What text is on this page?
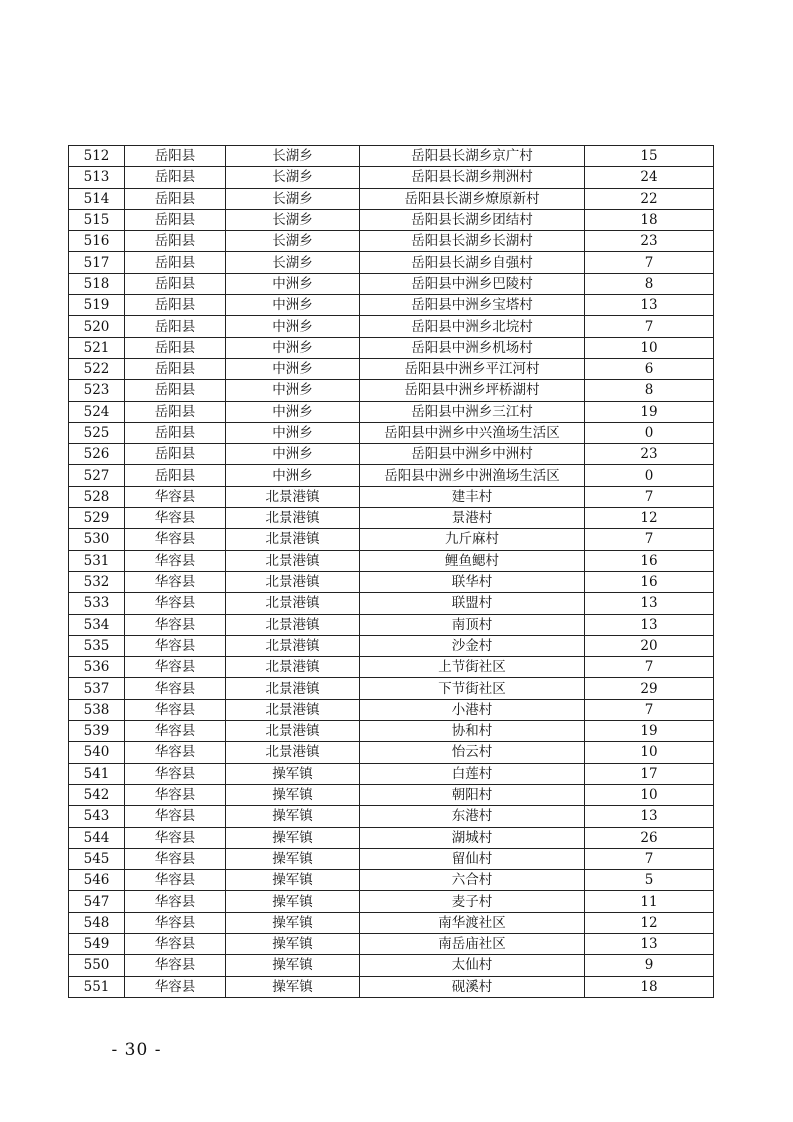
512	岳阳县	长湖乡	岳阳县长湖乡京广村	15
513	岳阳县	长湖乡	岳阳县长湖乡荆洲村	24
514	岳阳县	长湖乡	岳阳县长湖乡燎原新村	22
515	岳阳县	长湖乡	岳阳县长湖乡团结村	18
516	岳阳县	长湖乡	岳阳县长湖乡长湖村	23
517	岳阳县	长湖乡	岳阳县长湖乡自强村	7
518	岳阳县	中洲乡	岳阳县中洲乡巴陵村	8
519	岳阳县	中洲乡	岳阳县中洲乡宝塔村	13
520	岳阳县	中洲乡	岳阳县中洲乡北垸村	7
521	岳阳县	中洲乡	岳阳县中洲乡机场村	10
522	岳阳县	中洲乡	岳阳县中洲乡平江河村	6
523	岳阳县	中洲乡	岳阳县中洲乡坪桥湖村	8
524	岳阳县	中洲乡	岳阳县中洲乡三江村	19
525	岳阳县	中洲乡	岳阳县中洲乡中兴渔场生活区	0
526	岳阳县	中洲乡	岳阳县中洲乡中洲村	23
527	岳阳县	中洲乡	岳阳县中洲乡中洲渔场生活区	0
528	华容县	北景港镇	建丰村	7
529	华容县	北景港镇	景港村	12
530	华容县	北景港镇	九斤麻村	7
531	华容县	北景港镇	鲤鱼鳃村	16
532	华容县	北景港镇	联华村	16
533	华容县	北景港镇	联盟村	13
534	华容县	北景港镇	南顶村	13
535	华容县	北景港镇	沙金村	20
536	华容县	北景港镇	上节街社区	7
537	华容县	北景港镇	下节街社区	29
538	华容县	北景港镇	小港村	7
539	华容县	北景港镇	协和村	19
540	华容县	北景港镇	怡云村	10
541	华容县	操军镇	白莲村	17
542	华容县	操军镇	朝阳村	10
543	华容县	操军镇	东港村	13
544	华容县	操军镇	湖城村	26
545	华容县	操军镇	留仙村	7
546	华容县	操军镇	六合村	5
547	华容县	操军镇	麦子村	11
548	华容县	操军镇	南华渡社区	12
549	华容县	操军镇	南岳庙社区	13
550	华容县	操军镇	太仙村	9
551	华容县	操军镇	砚溪村	18
- 30 -
